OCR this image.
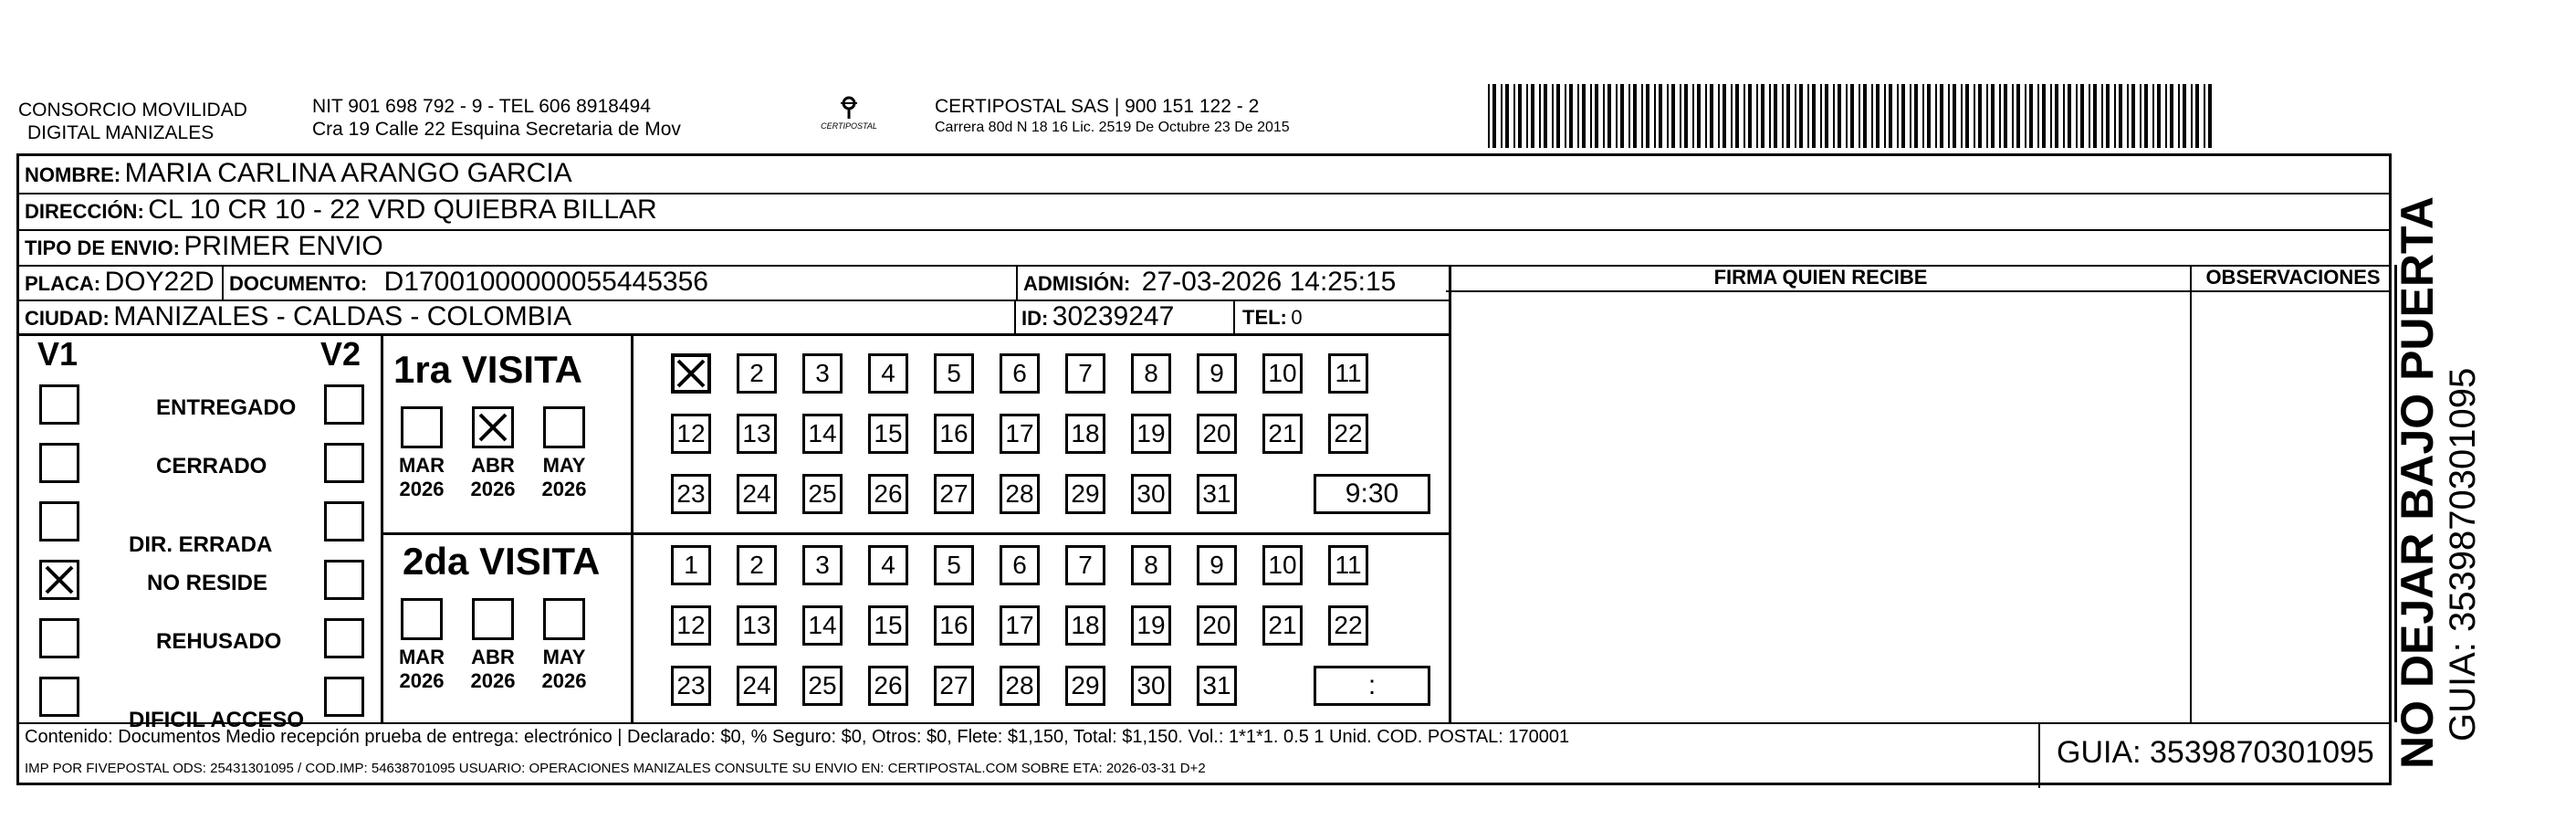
CONSORCIO MOVILIDAD
DIGITAL MANIZALES
NIT 901 698 792 - 9 - TEL 606 8918494
Cra 19 Calle 22 Esquina Secretaria de Mov	CERTIPOSTAL
CERTIPOSTAL SAS | 900 151 122 - 2
Carrera 80d N 18 16 Lic. 2519 De Octubre 23 De 2015
NOMBRE: MARIA CARLINA ARANGO GARCIA
DIRECCIÓN: CL 10 CR 10 - 22 VRD QUIEBRA BILLAR
TIPO DE ENVIO: PRIMER ENVIO
PLACA: DOY22D DOCUMENTO: D17001000000055445356	ADMISIÓN: 27-03-2026 14:25:15
CIUDAD: MANIZALES - CALDAS - COLOMBIA	ID: 30239247	TEL: 0
FIRMA QUIEN RECIBE	OBSERVACIONES
V1	V2
ENTREGADO
CERRADO
DIR. ERRADA
NO RESIDE
REHUSADO
DIFICIL ACCESO
1ra VISITA
2da VISITA
MAR
2026
ABR
2026
MAY
2026
MAR
2026
ABR
2026
MAY
2026
2	3	4	5	6	7	8	9	10 11
12 13 14 15 16 17 18 19 20 21 22
23 24 25 26 27 28 29 30 31	9:30
1	2	3	4	5	6	7	8	9	10 11
12 13 14 15 16 17 18 19 20 21 22
23 24 25 26 27 28 29 30 31	:
Contenido: Documentos Medio recepción prueba de entrega: electrónico | Declarado: $0, % Seguro: $0, Otros: $0, Flete: $1,150, Total: $1,150. Vol.: 1*1*1. 0.5 1 Unid. COD. POSTAL: 170001
IMP POR FIVEPOSTAL ODS: 25431301095 / COD.IMP: 54638701095 USUARIO: OPERACIONES MANIZALES CONSULTE SU ENVIO EN: CERTIPOSTAL.COM SOBRE ETA: 2026-03-31 D+2	GUIA: 3539870301095 NO DEJAR BAJO PUERTA GUIA: 3539870301095
